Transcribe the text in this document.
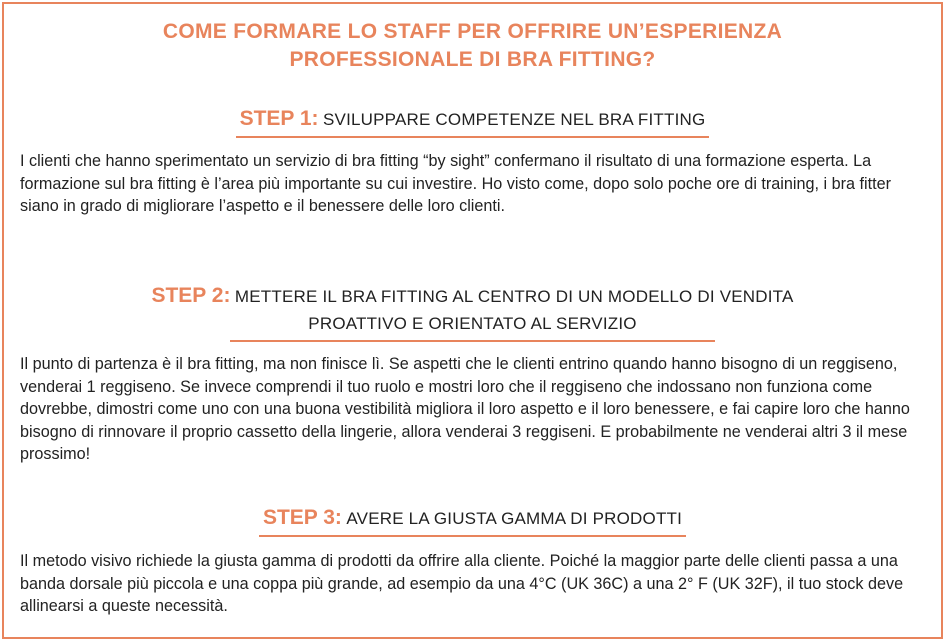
COME FORMARE LO STAFF PER OFFRIRE UN’ESPERIENZA
PROFESSIONALE DI BRA FITTING?
STEP 1: SVILUPPARE COMPETENZE NEL BRA FITTING
I clienti che hanno sperimentato un servizio di bra fitting “by sight” confermano il risultato di una formazione esperta. La formazione sul bra fitting è l’area più importante su cui investire. Ho visto come, dopo solo poche ore di training, i bra fitter siano in grado di migliorare l’aspetto e il benessere delle loro clienti.
STEP 2: METTERE IL BRA FITTING AL CENTRO DI UN MODELLO DI VENDITA
PROATTIVO E ORIENTATO AL SERVIZIO
Il punto di partenza è il bra fitting, ma non finisce lì. Se aspetti che le clienti entrino quando hanno bisogno di un reggiseno, venderai 1 reggiseno. Se invece comprendi il tuo ruolo e mostri loro che il reggiseno che indossano non funziona come dovrebbe, dimostri come uno con una buona vestibilità migliora il loro aspetto e il loro benessere, e fai capire loro che hanno bisogno di rinnovare il proprio cassetto della lingerie, allora venderai 3 reggiseni. E probabilmente ne venderai altri 3 il mese prossimo!
STEP 3: AVERE LA GIUSTA GAMMA DI PRODOTTI
Il metodo visivo richiede la giusta gamma di prodotti da offrire alla cliente. Poiché la maggior parte delle clienti passa a una banda dorsale più piccola e una coppa più grande, ad esempio da una 4°C (UK 36C) a una 2° F (UK 32F), il tuo stock deve allinearsi a queste necessità.
